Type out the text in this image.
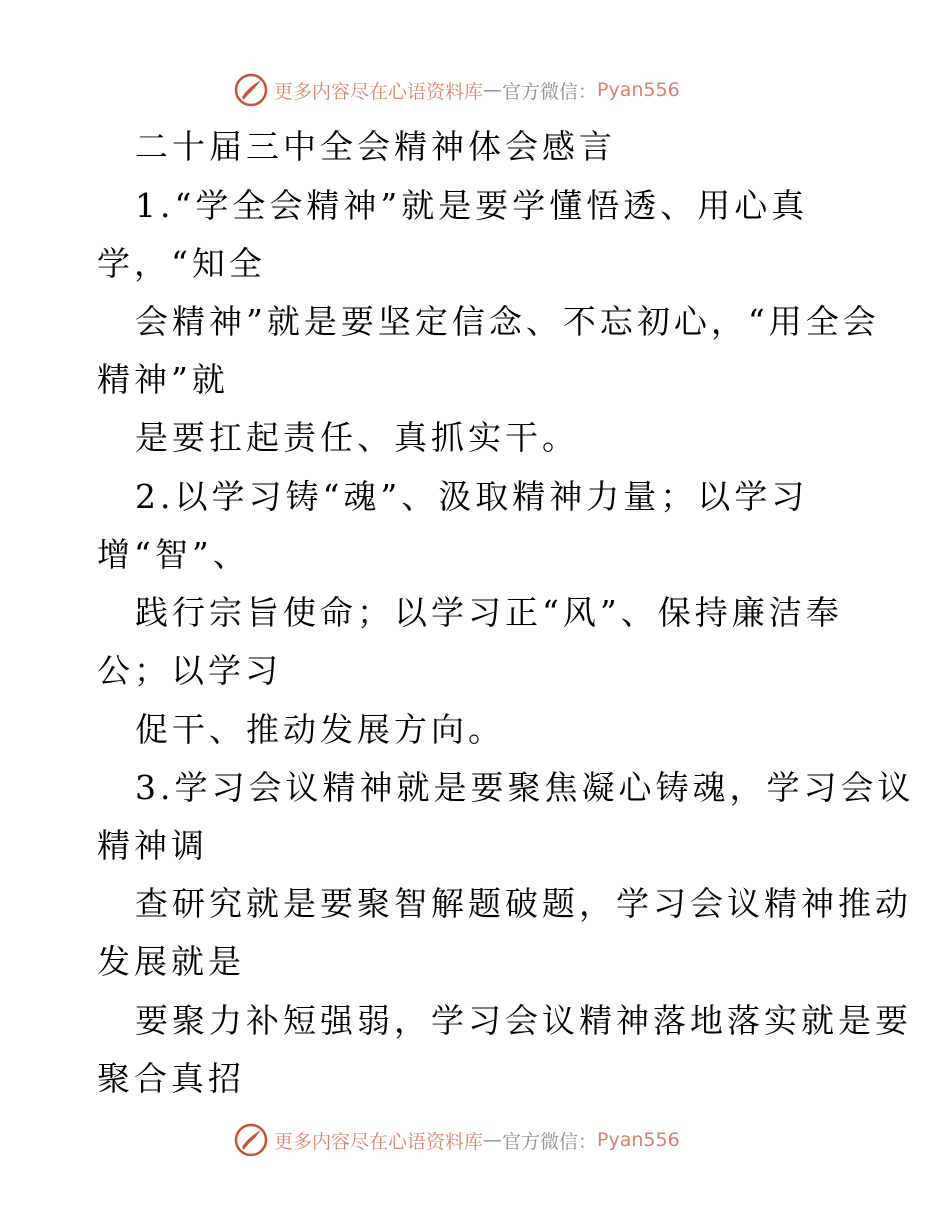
更多内容尽在心语资料库 — 官方微信： Pyan556
二十届三中全会精神体会感言
1.“学全会精神”就是要学懂悟透、用心真
学，“知全
会精神”就是要坚定信念、不忘初心，“用全会
精神”就
是要扛起责任、真抓实干。
2.以学习铸“魂”、汲取精神力量；以学习
增“智”、
践行宗旨使命；以学习正“风”、保持廉洁奉
公；以学习
促干、推动发展方向。
3.学习会议精神就是要聚焦凝心铸魂，学习会议
精神调
查研究就是要聚智解题破题，学习会议精神推动
发展就是
要聚力补短强弱，学习会议精神落地落实就是要
聚合真招
更多内容尽在心语资料库 — 官方微信： Pyan556
